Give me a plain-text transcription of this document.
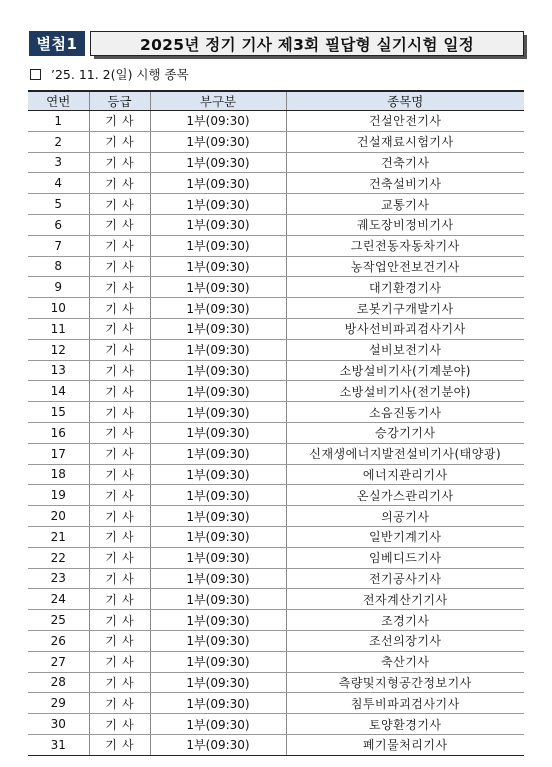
별첨1	2025년 정기 기사 제3회 필답형 실기시험 일정
’25. 11. 2(일) 시행 종목
연번	등급	부구분	종목명
1	기사	1부(09:30)	건설안전기사
2	기사	1부(09:30)	건설재료시험기사
3	기사	1부(09:30)	건축기사
4	기사	1부(09:30)	건축설비기사
5	기사	1부(09:30)	교통기사
6	기사	1부(09:30)	궤도장비정비기사
7	기사	1부(09:30)	그린전동자동차기사
8	기사	1부(09:30)	농작업안전보건기사
9	기사	1부(09:30)	대기환경기사
10	기사	1부(09:30)	로봇기구개발기사
11	기사	1부(09:30)	방사선비파괴검사기사
12	기사	1부(09:30)	설비보전기사
13	기사	1부(09:30)	소방설비기사(기계분야)
14	기사	1부(09:30)	소방설비기사(전기분야)
15	기사	1부(09:30)	소음진동기사
16	기사	1부(09:30)	승강기기사
17	기사	1부(09:30)	신재생에너지발전설비기사(태양광)
18	기사	1부(09:30)	에너지관리기사
19	기사	1부(09:30)	온실가스관리기사
20	기사	1부(09:30)	의공기사
21	기사	1부(09:30)	일반기계기사
22	기사	1부(09:30)	임베디드기사
23	기사	1부(09:30)	전기공사기사
24	기사	1부(09:30)	전자계산기기사
25	기사	1부(09:30)	조경기사
26	기사	1부(09:30)	조선의장기사
27	기사	1부(09:30)	축산기사
28	기사	1부(09:30)	측량및지형공간정보기사
29	기사	1부(09:30)	침투비파괴검사기사
30	기사	1부(09:30)	토양환경기사
31	기사	1부(09:30)	폐기물처리기사
